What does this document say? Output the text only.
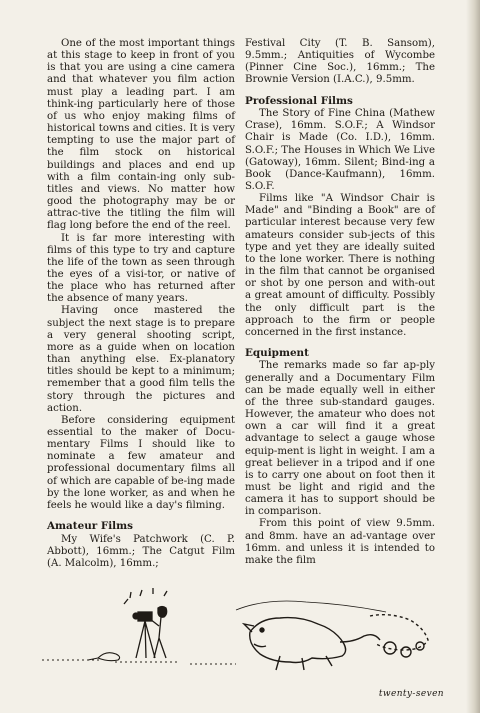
One of the most important things at this stage to keep in front of you is that you are using a cine camera and that whatever you film action must play a leading part. I am think-ing particularly here of those of us who enjoy making films of historical towns and cities. It is very tempting to use the major part of the film stock on historical buildings and places and end up with a film contain-ing only sub-titles and views. No matter how good the photography may be or attrac-tive the titling the film will flag long before the end of the reel.

It is far more interesting with films of this type to try and capture the life of the town as seen through the eyes of a visi-tor, or native of the place who has returned after the absence of many years.

Having once mastered the subject the next stage is to prepare a very general shooting script, more as a guide when on location than anything else. Ex-planatory titles should be kept to a minimum; remember that a good film tells the story through the pictures and action.

Before considering equipment essential to the maker of Docu-mentary Films I should like to nominate a few amateur and professional documentary films all of which are capable of be-ing made by the lone worker, as and when he feels he would like a day's filming.

Amateur Films

My Wife's Patchwork (C. P. Abbott), 16mm.; The Catgut Film (A. Malcolm), 16mm.;

Festival City (T. B. Sansom), 9.5mm.; Antiquities of Wycombe (Pinner Cine Soc.), 16mm.; The Brownie Version (I.A.C.), 9.5mm.

Professional Films

The Story of Fine China (Mathew Crase), 16mm. S.O.F.; A Windsor Chair is Made (Co. I.D.), 16mm. S.O.F.; The Houses in Which We Live (Gatoway), 16mm. Silent; Bind-ing a Book (Dance-Kaufmann), 16mm. S.O.F.

Films like "A Windsor Chair is Made" and "Binding a Book" are of particular interest because very few amateurs consider sub-jects of this type and yet they are ideally suited to the lone worker. There is nothing in the film that cannot be organised or shot by one person and with-out a great amount of difficulty. Possibly the only difficult part is the approach to the firm or people concerned in the first instance.

Equipment

The remarks made so far ap-ply generally and a Documentary Film can be made equally well in either of the three sub-standard gauges. However, the amateur who does not own a car will find it a great advantage to select a gauge whose equip-ment is light in weight. I am a great believer in a tripod and if one is to carry one about on foot then it must be light and rigid and the camera it has to support should be in comparison.

From this point of view 9.5mm. and 8mm. have an ad-vantage over 16mm. and unless it is intended to make the film

twenty-seven
